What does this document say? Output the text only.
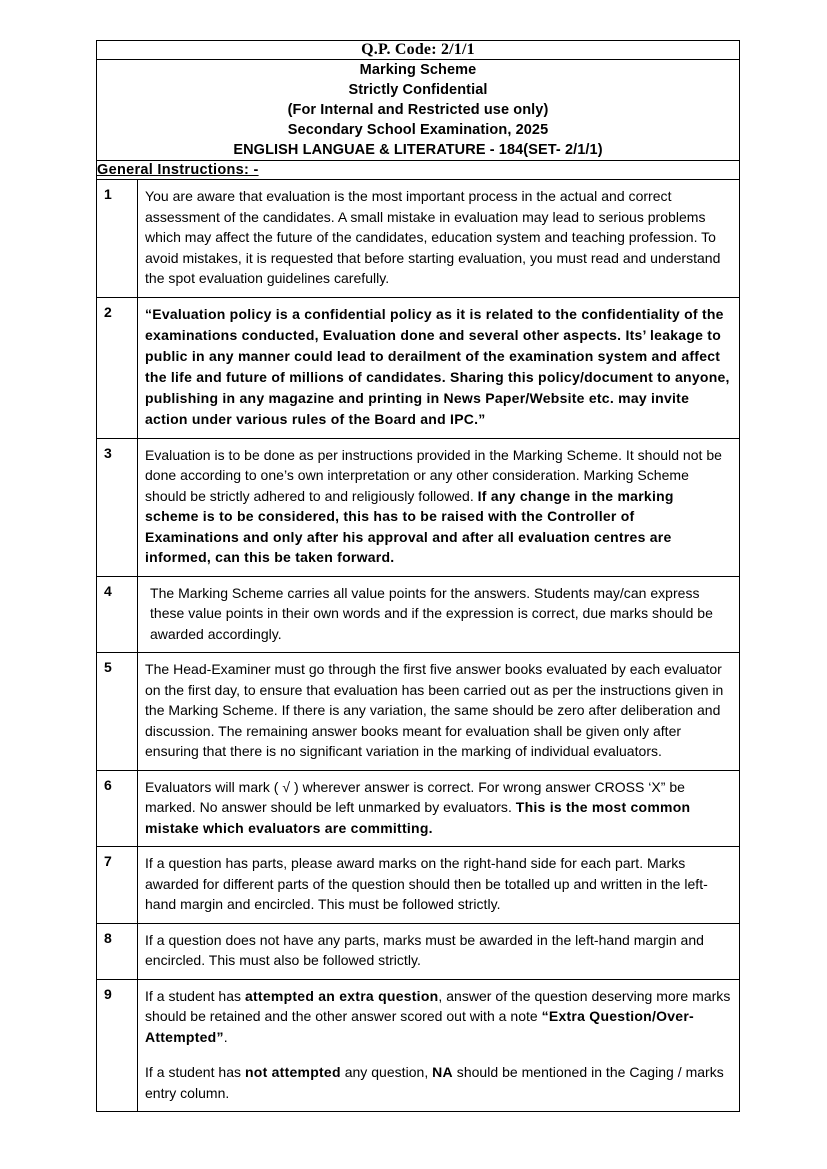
Q.P. Code: 2/1/1	

Marking Scheme
Strictly Confidential
(For Internal and Restricted use only)
Secondary School Examination, 2025
ENGLISH LANGUAE & LITERATURE - 184(SET- 2/1/1)	

General Instructions: -	
1	You are aware that evaluation is the most important process in the actual and correct assessment of the candidates. A small mistake in evaluation may lead to serious problems which may affect the future of the candidates, education system and teaching profession. To avoid mistakes, it is requested that before starting evaluation, you must read and understand the spot evaluation guidelines carefully.

2	“Evaluation policy is a confidential policy as it is related to the confidentiality of the examinations conducted, Evaluation done and several other aspects. Its’ leakage to public in any manner could lead to derailment of the examination system and affect the life and future of millions of candidates. Sharing this policy/document to anyone, publishing in any magazine and printing in News Paper/Website etc. may invite action under various rules of the Board and IPC.”

3	Evaluation is to be done as per instructions provided in the Marking Scheme. It should not be done according to one’s own interpretation or any other consideration. Marking Scheme should be strictly adhered to and religiously followed. If any change in the marking scheme is to be considered, this has to be raised with the Controller of Examinations and only after his approval and after all evaluation centres are informed, can this be taken forward.

4	The Marking Scheme carries all value points for the answers. Students may/can express these value points in their own words and if the expression is correct, due marks should be awarded accordingly.

5	The Head-Examiner must go through the first five answer books evaluated by each evaluator on the first day, to ensure that evaluation has been carried out as per the instructions given in the Marking Scheme. If there is any variation, the same should be zero after deliberation and discussion. The remaining answer books meant for evaluation shall be given only after ensuring that there is no significant variation in the marking of individual evaluators.

6	Evaluators will mark ( √ ) wherever answer is correct. For wrong answer CROSS ‘X” be marked. No answer should be left unmarked by evaluators. This is the most common mistake which evaluators are committing.

7	If a question has parts, please award marks on the right-hand side for each part. Marks awarded for different parts of the question should then be totalled up and written in the left-hand margin and encircled. This must be followed strictly.

8	If a question does not have any parts, marks must be awarded in the left-hand margin and encircled. This must also be followed strictly.

9	If a student has attempted an extra question, answer of the question deserving more marks should be retained and the other answer scored out with a note “Extra Question/Over- Attempted”.
If a student has not attempted any question, NA should be mentioned in the Caging / marks entry column.
